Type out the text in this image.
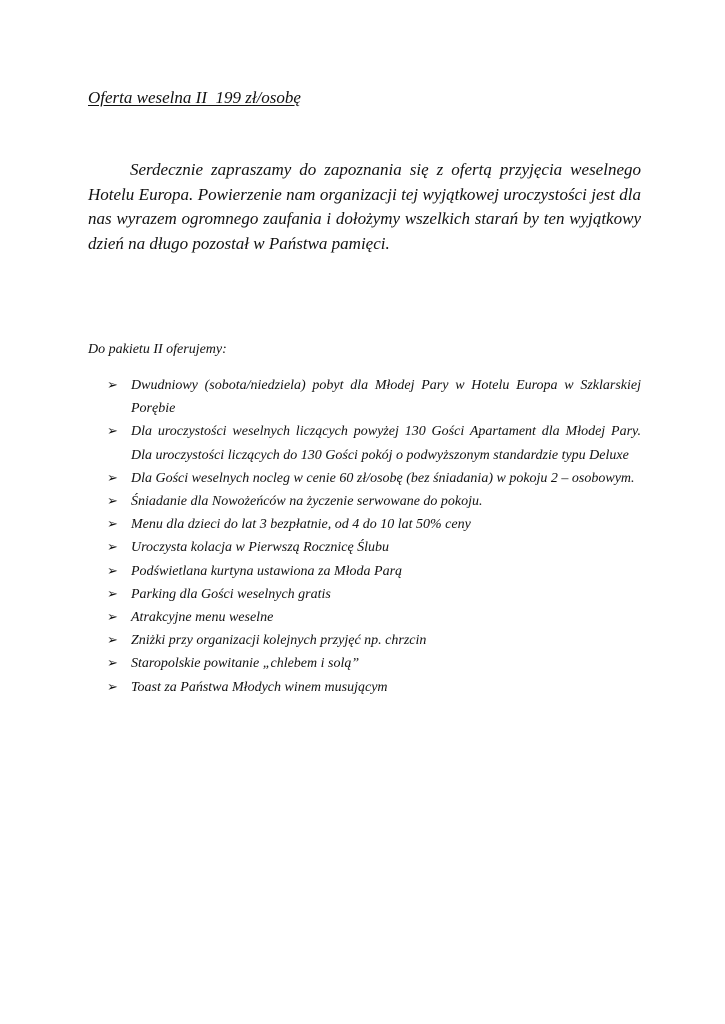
Oferta weselna II  199 zł/osobę

Serdecznie zapraszamy do zapoznania się z ofertą przyjęcia weselnego Hotelu Europa. Powierzenie nam organizacji tej wyjątkowej uroczystości jest dla nas wyrazem ogromnego zaufania i dołożymy wszelkich starań by ten wyjątkowy dzień na długo pozostał w Państwa pamięci.

Do pakietu II oferujemy:
➢ Dwudniowy (sobota/niedziela) pobyt dla Młodej Pary w Hotelu Europa w Szklarskiej Porębie
➢ Dla uroczystości weselnych liczących powyżej 130 Gości Apartament dla Młodej Pary. Dla uroczystości liczących do 130 Gości pokój o podwyższonym standardzie typu Deluxe
➢ Dla Gości weselnych nocleg w cenie 60 zł/osobę (bez śniadania) w pokoju 2 – osobowym.
➢ Śniadanie dla Nowożeńców na życzenie serwowane do pokoju.
➢ Menu dla dzieci do lat 3 bezpłatnie, od 4 do 10 lat 50% ceny
➢ Uroczysta kolacja w Pierwszą Rocznicę Ślubu
➢ Podświetlana kurtyna ustawiona za Młoda Parą
➢ Parking dla Gości weselnych gratis
➢ Atrakcyjne menu weselne
➢ Zniżki przy organizacji kolejnych przyjęć np. chrzcin
➢ Staropolskie powitanie „chlebem i solą”
➢ Toast za Państwa Młodych winem musującym
